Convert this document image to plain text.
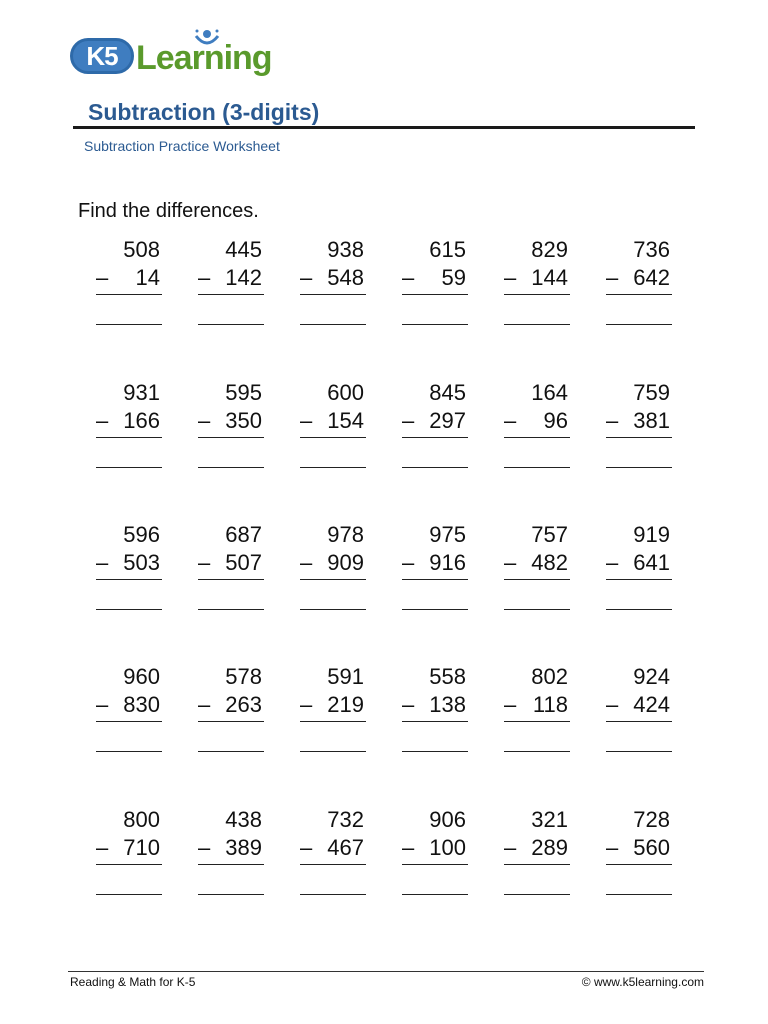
K5 Learning
Subtraction (3-digits)
Subtraction Practice Worksheet
Find the differences.
508
– 14
445
– 142
938
– 548
615
– 59
829
– 144
736
– 642
931
– 166
595
– 350
600
– 154
845
– 297
164
– 96
759
– 381
596
– 503
687
– 507
978
– 909
975
– 916
757
– 482
919
– 641
960
– 830
578
– 263
591
– 219
558
– 138
802
– 118
924
– 424
800
– 710
438
– 389
732
– 467
906
– 100
321
– 289
728
– 560
Reading & Math for K-5	© www.k5learning.com
